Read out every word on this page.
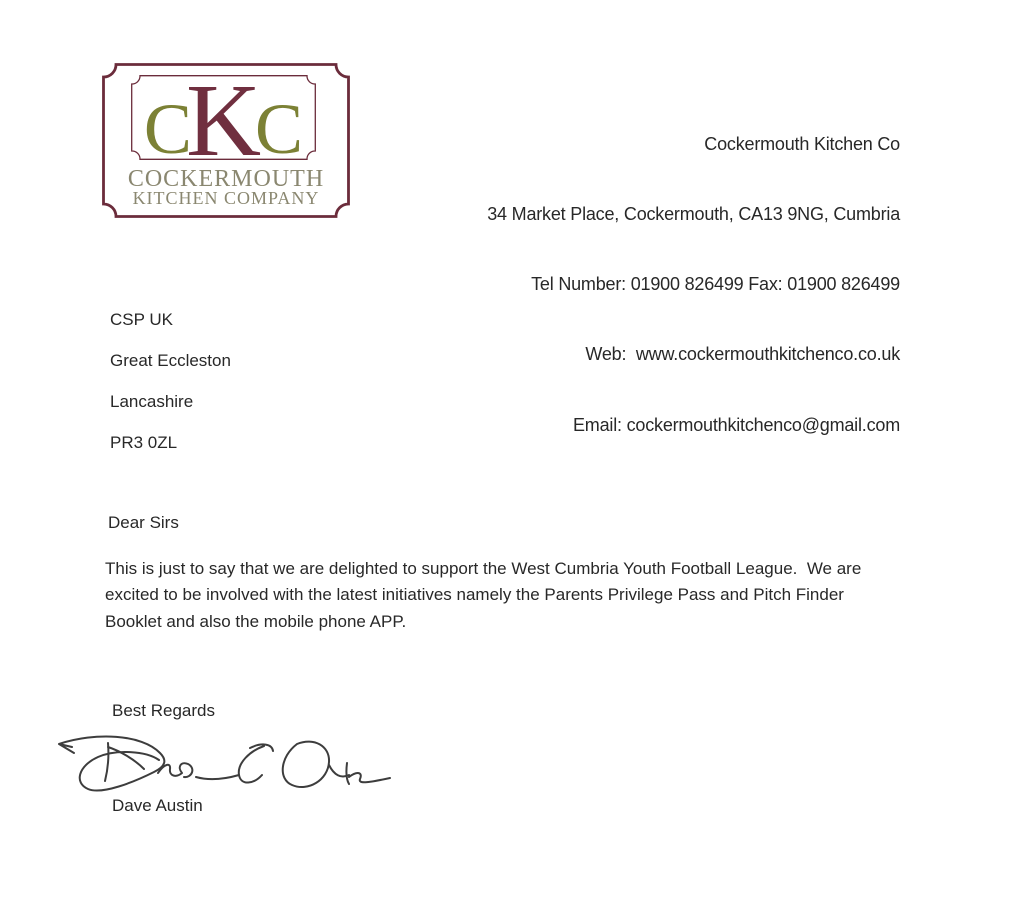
C
K
C
COCKERMOUTH
KITCHEN COMPANY

Cockermouth Kitchen Co

34 Market Place, Cockermouth, CA13 9NG, Cumbria

Tel Number: 01900 826499 Fax: 01900 826499

Web:  www.cockermouthkitchenco.co.uk

Email: cockermouthkitchenco@gmail.com

CSP UK
Great Eccleston
Lancashire
PR3 0ZL
Dear Sirs
This is just to say that we are delighted to support the West Cumbria Youth Football League.  We are
excited to be involved with the latest initiatives namely the Parents Privilege Pass and Pitch Finder
Booklet and also the mobile phone APP.
Best Regards
Dave Austin
